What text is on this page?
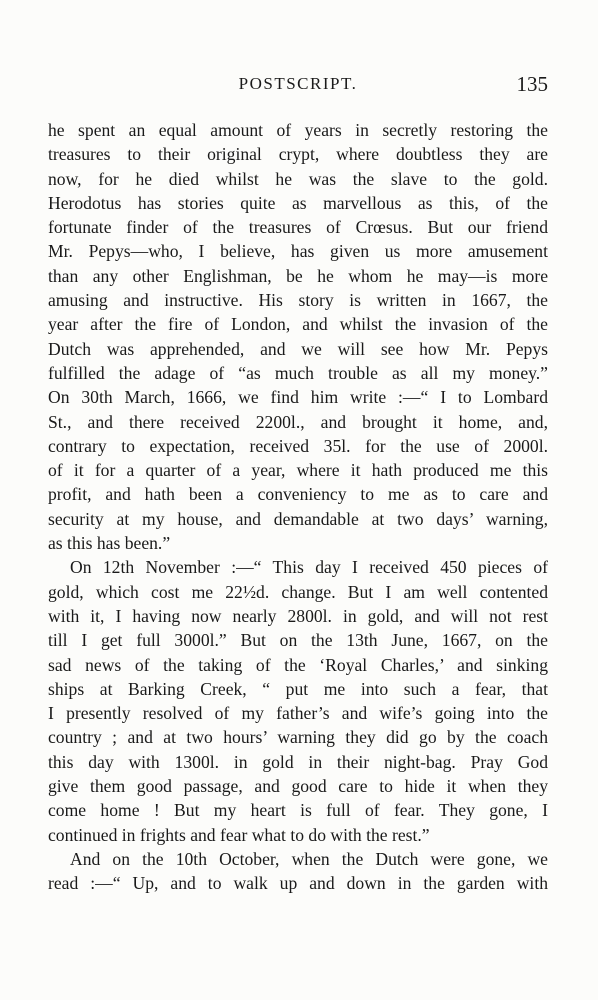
POSTSCRIPT.	135
he spent an equal amount of years in secretly restoring the
treasures to their original crypt, where doubtless they are
now, for he died whilst he was the slave to the gold.
Herodotus has stories quite as marvellous as this, of the
fortunate finder of the treasures of Crœsus. But our friend
Mr. Pepys—who, I believe, has given us more amusement
than any other Englishman, be he whom he may—is more
amusing and instructive. His story is written in 1667, the
year after the fire of London, and whilst the invasion of the
Dutch was apprehended, and we will see how Mr. Pepys
fulfilled the adage of “as much trouble as all my money.”
On 30th March, 1666, we find him write :—“ I to Lombard
St., and there received 2200l., and brought it home, and,
contrary to expectation, received 35l. for the use of 2000l.
of it for a quarter of a year, where it hath produced me this
profit, and hath been a conveniency to me as to care and
security at my house, and demandable at two days’ warning,
as this has been.”
On 12th November :—“ This day I received 450 pieces of
gold, which cost me 22½d. change. But I am well contented
with it, I having now nearly 2800l. in gold, and will not rest
till I get full 3000l.” But on the 13th June, 1667, on the
sad news of the taking of the ‘Royal Charles,’ and sinking
ships at Barking Creek, “ put me into such a fear, that
I presently resolved of my father’s and wife’s going into the
country ; and at two hours’ warning they did go by the coach
this day with 1300l. in gold in their night-bag. Pray God
give them good passage, and good care to hide it when they
come home ! But my heart is full of fear. They gone, I
continued in frights and fear what to do with the rest.”
And on the 10th October, when the Dutch were gone, we
read :—“ Up, and to walk up and down in the garden with
